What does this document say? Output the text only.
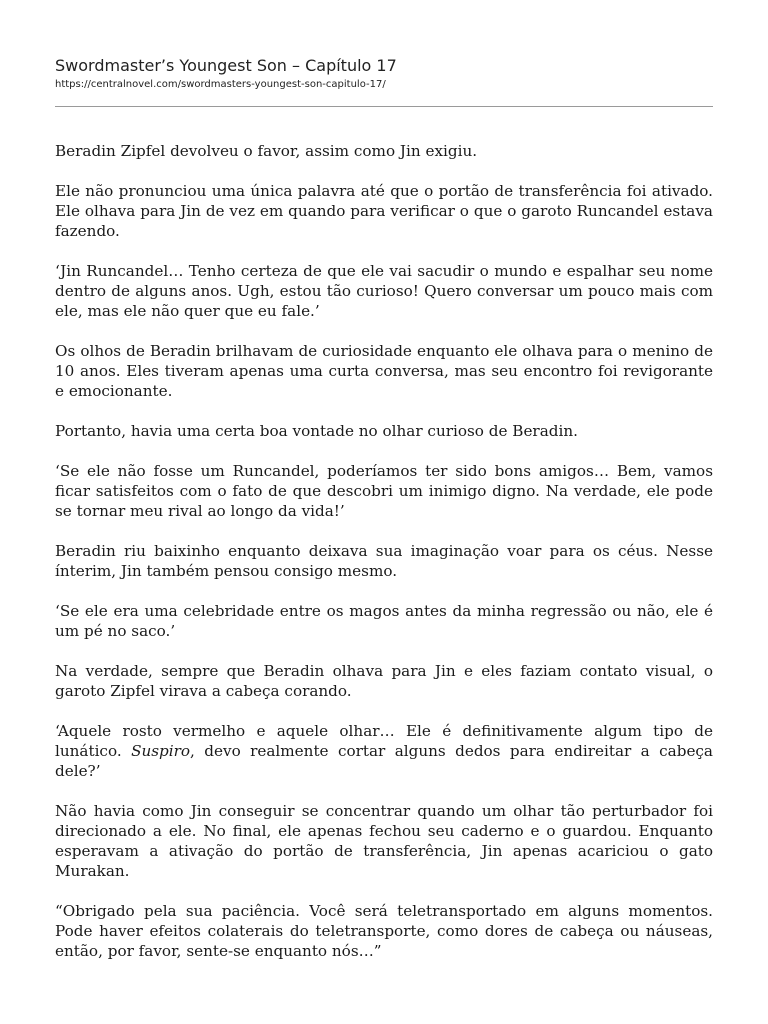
Swordmaster’s Youngest Son – Capítulo 17
https://centralnovel.com/swordmasters-youngest-son-capitulo-17/

Beradin Zipfel devolveu o favor, assim como Jin exigiu.

Ele não pronunciou uma única palavra até que o portão de transferência foi ativado. Ele olhava para Jin de vez em quando para verificar o que o garoto Runcandel estava fazendo.

‘Jin Runcandel… Tenho certeza de que ele vai sacudir o mundo e espalhar seu nome dentro de alguns anos. Ugh, estou tão curioso! Quero conversar um pouco mais com ele, mas ele não quer que eu fale.’

Os olhos de Beradin brilhavam de curiosidade enquanto ele olhava para o menino de 10 anos. Eles tiveram apenas uma curta conversa, mas seu encontro foi revigorante e emocionante.

Portanto, havia uma certa boa vontade no olhar curioso de Beradin.

‘Se ele não fosse um Runcandel, poderíamos ter sido bons amigos… Bem, vamos ficar satisfeitos com o fato de que descobri um inimigo digno. Na verdade, ele pode se tornar meu rival ao longo da vida!’

Beradin riu baixinho enquanto deixava sua imaginação voar para os céus. Nesse ínterim, Jin também pensou consigo mesmo.

‘Se ele era uma celebridade entre os magos antes da minha regressão ou não, ele é um pé no saco.’

Na verdade, sempre que Beradin olhava para Jin e eles faziam contato visual, o garoto Zipfel virava a cabeça corando.

‘Aquele rosto vermelho e aquele olhar… Ele é definitivamente algum tipo de lunático. Suspiro, devo realmente cortar alguns dedos para endireitar a cabeça dele?’

Não havia como Jin conseguir se concentrar quando um olhar tão perturbador foi direcionado a ele. No final, ele apenas fechou seu caderno e o guardou. Enquanto esperavam a ativação do portão de transferência, Jin apenas acariciou o gato Murakan.

“Obrigado pela sua paciência. Você será teletransportado em alguns momentos. Pode haver efeitos colaterais do teletransporte, como dores de cabeça ou náuseas, então, por favor, sente-se enquanto nós…”
